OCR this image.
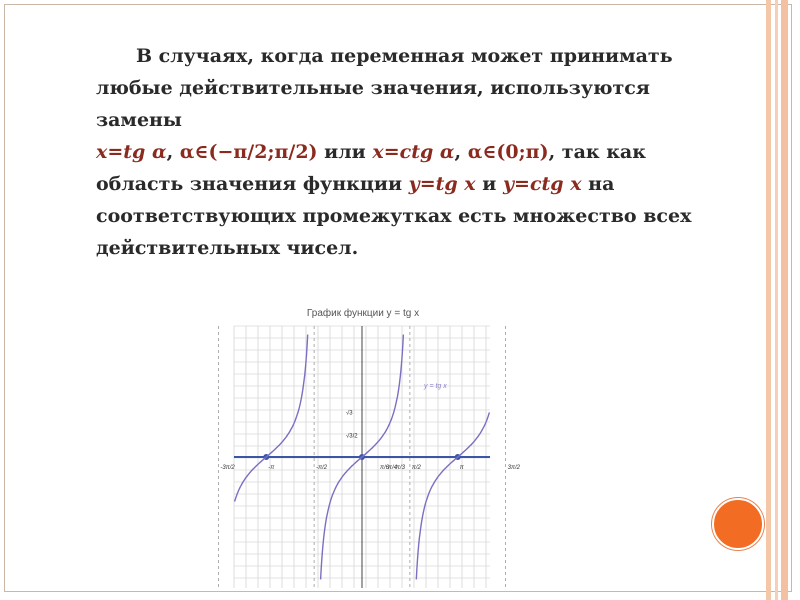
В случаях, когда переменная может принимать
любые действительные значения, используются
замены
x=tg α, α∈(−π/2;π/2) или x=ctg α, α∈(0;π), так как
область значения функции y=tg x и y=ctg x на
соответствующих промежутках есть множество всех
действительных чисел.
График функции y = tg x
-3π/2	-π	-π/2	π/6
π/4
π/3 π/2	π	3π/2
√3
√3/2
y = tg x
